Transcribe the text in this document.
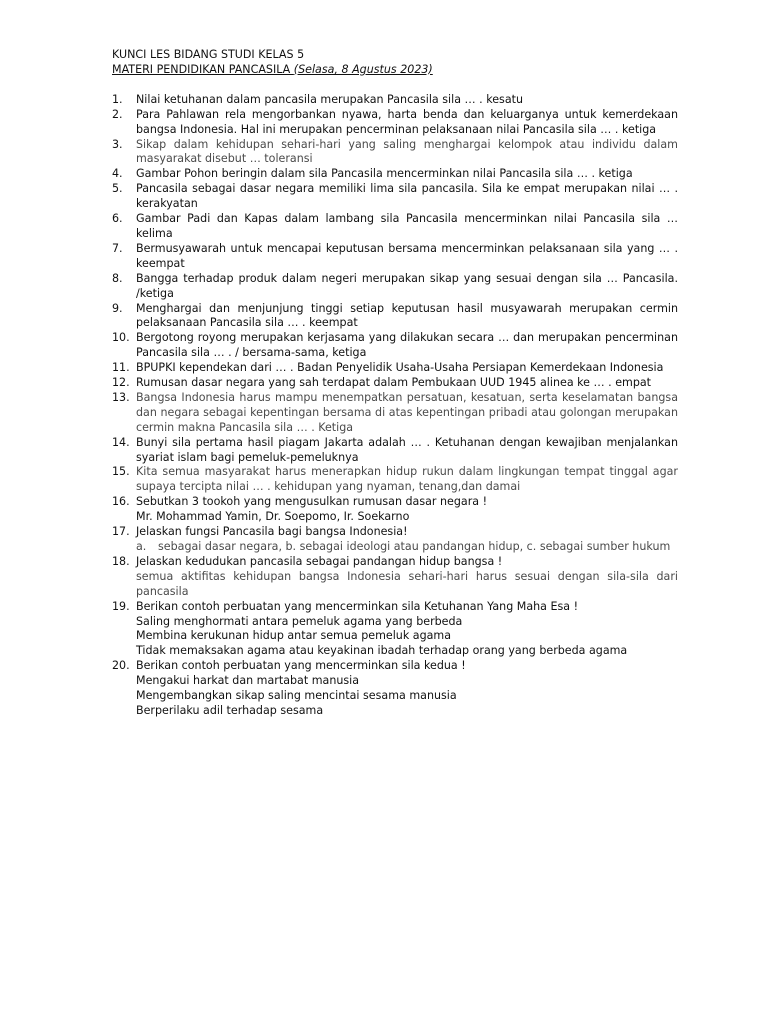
KUNCI LES BIDANG STUDI KELAS 5
MATERI PENDIDIKAN PANCASILA (Selasa, 8 Agustus 2023)
1. Nilai ketuhanan dalam pancasila merupakan Pancasila sila … . kesatu
2. Para Pahlawan rela mengorbankan nyawa, harta benda dan keluarganya untuk kemerdekaan bangsa Indonesia. Hal ini merupakan pencerminan pelaksanaan nilai Pancasila sila … . ketiga
3. Sikap dalam kehidupan sehari-hari yang saling menghargai kelompok atau individu dalam masyarakat disebut … toleransi
4. Gambar Pohon beringin dalam sila Pancasila mencerminkan nilai Pancasila sila … . ketiga
5. Pancasila sebagai dasar negara memiliki lima sila pancasila. Sila ke empat merupakan nilai … . kerakyatan
6. Gambar Padi dan Kapas dalam lambang sila Pancasila mencerminkan nilai Pancasila sila … kelima
7. Bermusyawarah untuk mencapai keputusan bersama mencerminkan pelaksanaan sila yang … . keempat
8. Bangga terhadap produk dalam negeri merupakan sikap yang sesuai dengan sila … Pancasila. /ketiga
9. Menghargai dan menjunjung tinggi setiap keputusan hasil musyawarah merupakan cermin pelaksanaan Pancasila sila … . keempat
10. Bergotong royong merupakan kerjasama yang dilakukan secara … dan merupakan pencerminan Pancasila sila … . / bersama-sama, ketiga
11. BPUPKI kependekan dari … . Badan Penyelidik Usaha-Usaha Persiapan Kemerdekaan Indonesia
12. Rumusan dasar negara yang sah terdapat dalam Pembukaan UUD 1945 alinea ke … . empat
13. Bangsa Indonesia harus mampu menempatkan persatuan, kesatuan, serta keselamatan bangsa dan negara sebagai kepentingan bersama di atas kepentingan pribadi atau golongan merupakan cermin makna Pancasila sila … . Ketiga
14. Bunyi sila pertama hasil piagam Jakarta adalah … . Ketuhanan dengan kewajiban menjalankan syariat islam bagi pemeluk-pemeluknya
15. Kita semua masyarakat harus menerapkan hidup rukun dalam lingkungan tempat tinggal agar supaya tercipta nilai … . kehidupan yang nyaman, tenang,dan damai
16. Sebutkan 3 tookoh yang mengusulkan rumusan dasar negara !
Mr. Mohammad Yamin, Dr. Soepomo, Ir. Soekarno
17. Jelaskan fungsi Pancasila bagi bangsa Indonesia!
a. sebagai dasar negara, b. sebagai ideologi atau pandangan hidup, c. sebagai sumber hukum
18. Jelaskan kedudukan pancasila sebagai pandangan hidup bangsa !
semua aktifitas kehidupan bangsa Indonesia sehari-hari harus sesuai dengan sila-sila dari pancasila
19. Berikan contoh perbuatan yang mencerminkan sila Ketuhanan Yang Maha Esa !
Saling menghormati antara pemeluk agama yang berbeda
Membina kerukunan hidup antar semua pemeluk agama
Tidak memaksakan agama atau keyakinan ibadah terhadap orang yang berbeda agama
20. Berikan contoh perbuatan yang mencerminkan sila kedua !
Mengakui harkat dan martabat manusia
Mengembangkan sikap saling mencintai sesama manusia
Berperilaku adil terhadap sesama
